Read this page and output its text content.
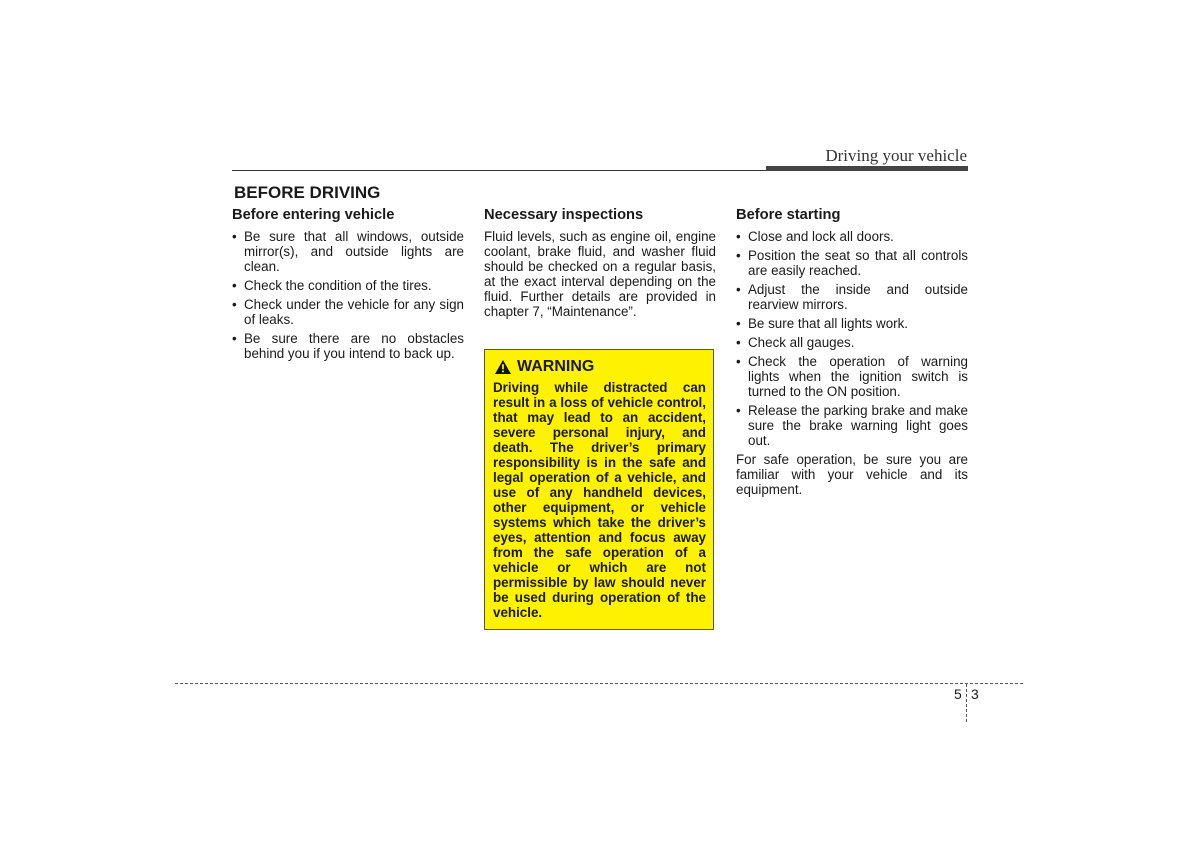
Driving your vehicle
BEFORE DRIVING
Before entering vehicle
• Be sure that all windows, outside mirror(s), and outside lights are clean.
• Check the condition of the tires.
• Check under the vehicle for any sign of leaks.
• Be sure there are no obstacles behind you if you intend to back up.
Necessary inspections

Fluid levels, such as engine oil, engine coolant, brake fluid, and washer fluid should be checked on a regular basis, at the exact interval depending on the fluid. Further details are provided in chapter 7, “Maintenance”.

WARNING

Driving while distracted can result in a loss of vehicle control, that may lead to an accident, severe personal injury, and death. The driver’s primary responsibility is in the safe and legal operation of a vehicle, and use of any handheld devices, other equipment, or vehicle systems which take the driver’s eyes, attention and focus away from the safe operation of a vehicle or which are not permissible by law should never be used during operation of the vehicle.

Before starting
• Close and lock all doors.
• Position the seat so that all controls are easily reached.
• Adjust the inside and outside rearview mirrors.
• Be sure that all lights work.
• Check all gauges.
• Check the operation of warning lights when the ignition switch is turned to the ON position.
• Release the parking brake and make sure the brake warning light goes out.

For safe operation, be sure you are familiar with your vehicle and its equipment.

5 3
